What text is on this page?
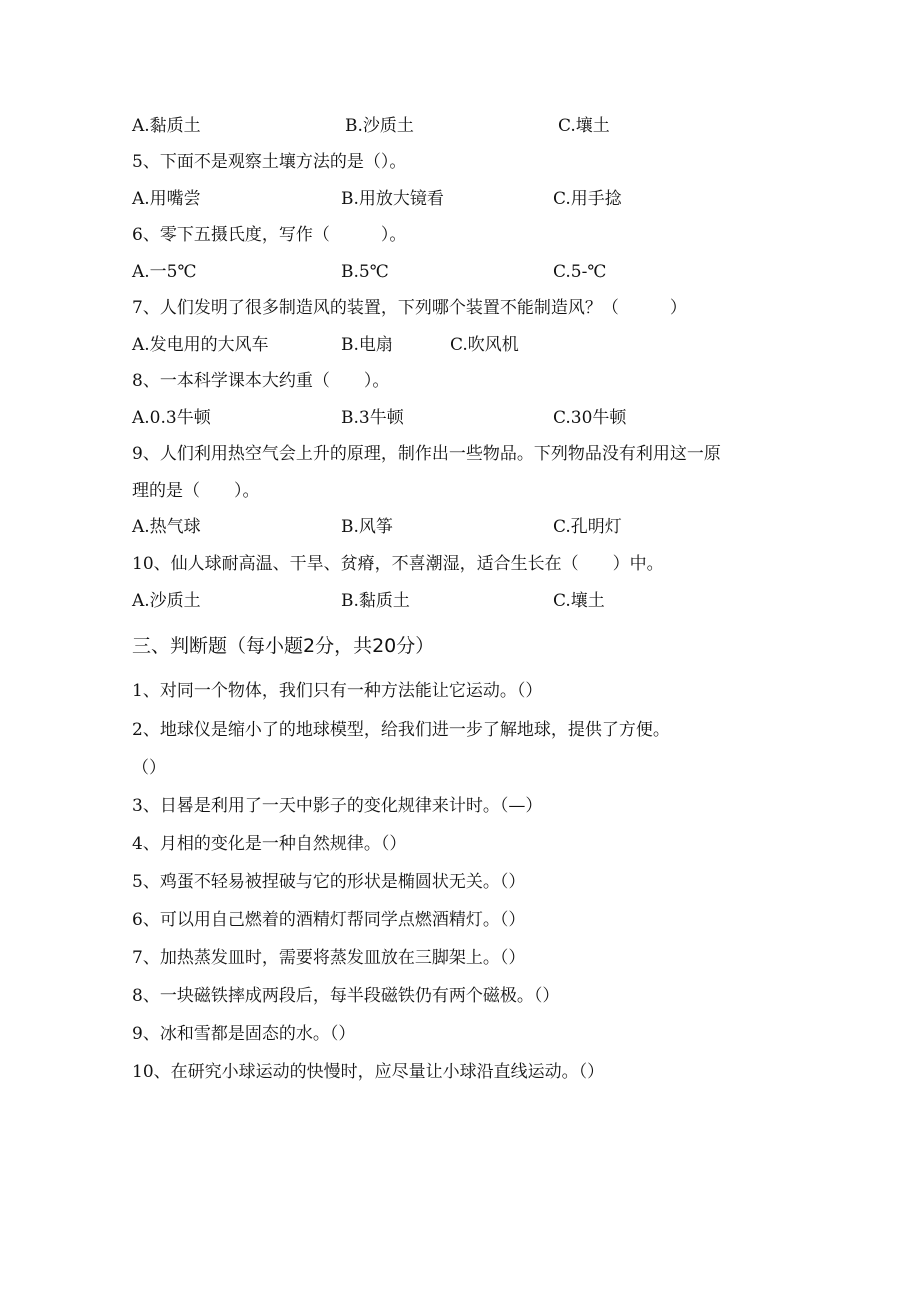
A.黏质土	B.沙质土	C.壤土
5、下面不是观察土壤方法的是（）。
A.用嘴尝	B.用放大镜看	C.用手捻
6、零下五摄氏度，写作（　　　）。
A.一5℃	B.5℃	C.5-℃
7、人们发明了很多制造风的装置，下列哪个装置不能制造风？（　　　）
A.发电用的大风车	B.电扇	C.吹风机
8、一本科学课本大约重（　　）。
A.0.3牛顿	B.3牛顿	C.30牛顿
9、人们利用热空气会上升的原理，制作出一些物品。下列物品没有利用这一原
理的是（　　）。
A.热气球	B.风筝	C.孔明灯
10、仙人球耐高温、干旱、贫瘠，不喜潮湿，适合生长在（　　）中。
A.沙质土	B.黏质土	C.壤土
三、判断题（每小题2分，共20分）
1、对同一个物体，我们只有一种方法能让它运动。（）
2、地球仪是缩小了的地球模型，给我们进一步了解地球，提供了方便。
（）
3、日晷是利用了一天中影子的变化规律来计时。（—）
4、月相的变化是一种自然规律。（）
5、鸡蛋不轻易被捏破与它的形状是椭圆状无关。（）
6、可以用自己燃着的酒精灯帮同学点燃酒精灯。（）
7、加热蒸发皿时，需要将蒸发皿放在三脚架上。（）
8、一块磁铁摔成两段后，每半段磁铁仍有两个磁极。（）
9、冰和雪都是固态的水。（）
10、在研究小球运动的快慢时，应尽量让小球沿直线运动。（）
